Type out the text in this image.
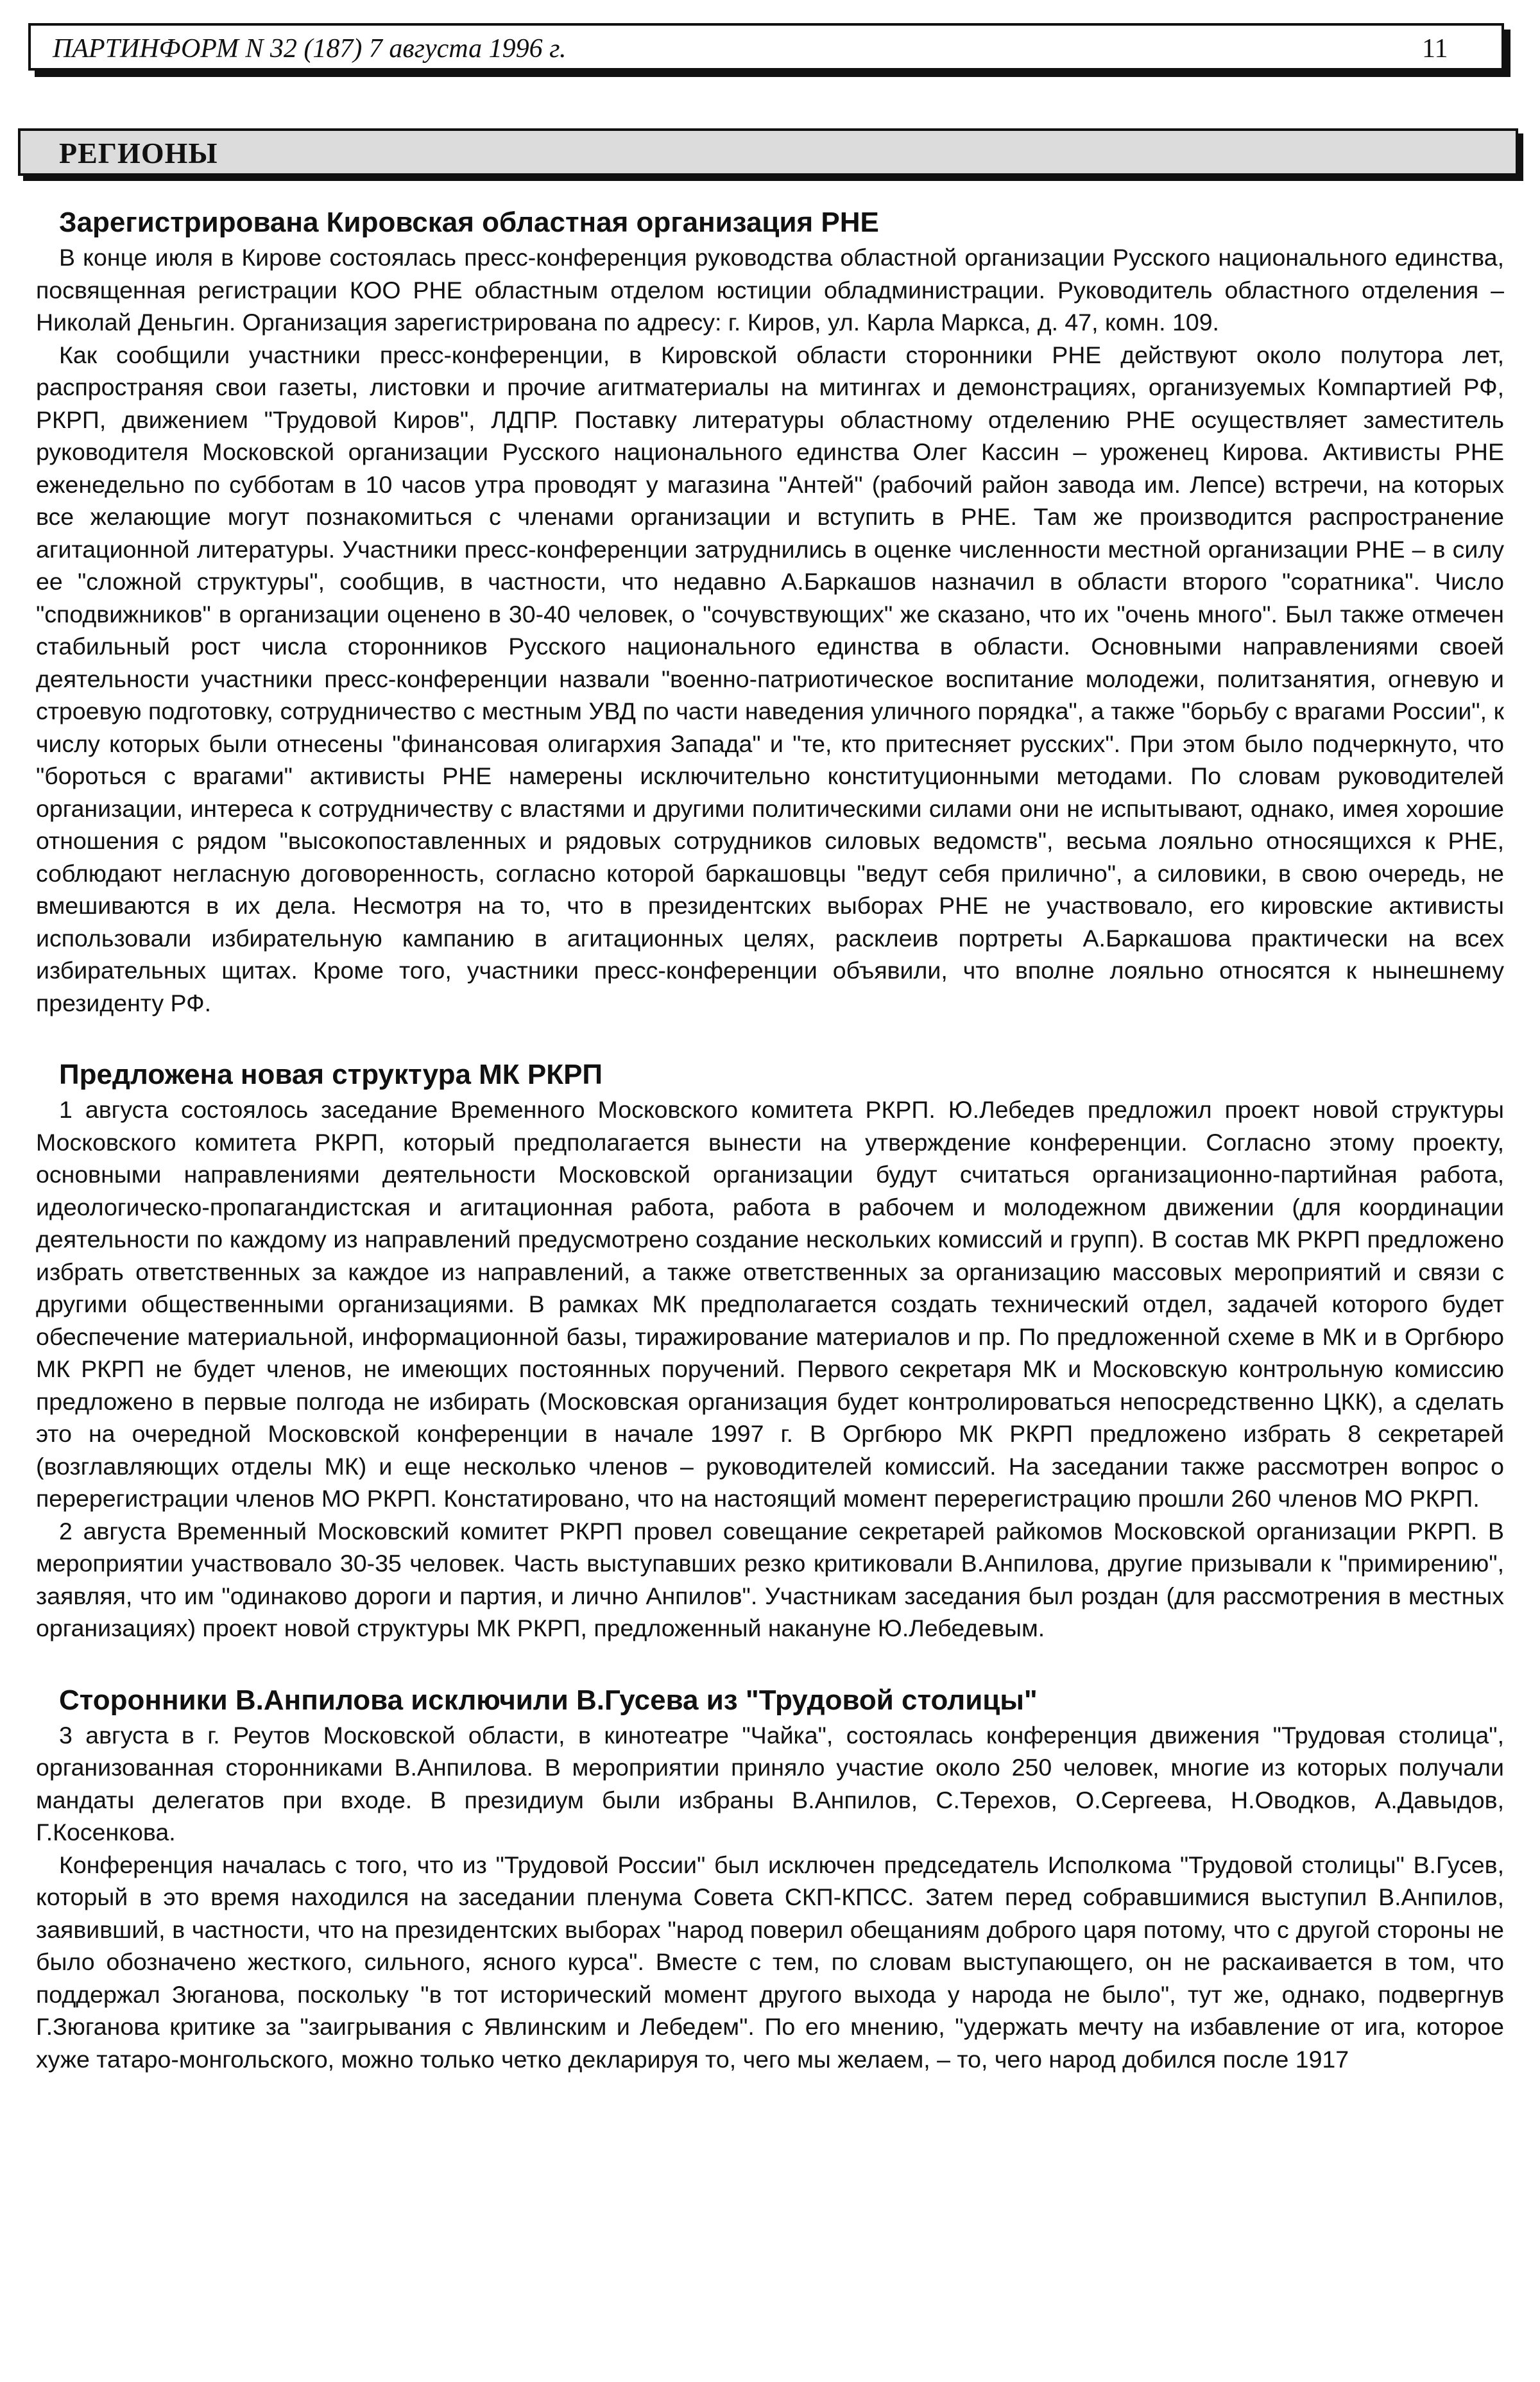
ПАРТИНФОРМ N 32 (187) 7 августа 1996 г.	11
РЕГИОНЫ
Зарегистрирована Кировская областная организация РНЕ

В конце июля в Кирове состоялась пресс-конференция руководства областной организации Русского национального единства, посвященная регистрации КОО РНЕ областным отделом юстиции обладминистрации. Руководитель областного отделения – Николай Деньгин. Организация зарегистрирована по адресу: г. Киров, ул. Карла Маркса, д. 47, комн. 109.

Как сообщили участники пресс-конференции, в Кировской области сторонники РНЕ действуют около полутора лет, распространяя свои газеты, листовки и прочие агитматериалы на митингах и демонстрациях, организуемых Компартией РФ, РКРП, движением "Трудовой Киров", ЛДПР. Поставку литературы областному отделению РНЕ осуществляет заместитель руководителя Московской организации Русского национального единства Олег Кассин – уроженец Кирова. Активисты РНЕ еженедельно по субботам в 10 часов утра проводят у магазина "Антей" (рабочий район завода им. Лепсе) встречи, на которых все желающие могут познакомиться с членами организации и вступить в РНЕ. Там же производится распространение агитационной литературы. Участники пресс-конференции затруднились в оценке численности местной организации РНЕ – в силу ее "сложной структуры", сообщив, в частности, что недавно А.Баркашов назначил в области второго "соратника". Число "сподвижников" в организации оценено в 30-40 человек, о "сочувствующих" же сказано, что их "очень много". Был также отмечен стабильный рост числа сторонников Русского национального единства в области. Основными направлениями своей деятельности участники пресс-конференции назвали "военно-патриотическое воспитание молодежи, политзанятия, огневую и строевую подготовку, сотрудничество с местным УВД по части наведения уличного порядка", а также "борьбу с врагами России", к числу которых были отнесены "финансовая олигархия Запада" и "те, кто притесняет русских". При этом было подчеркнуто, что "бороться с врагами" активисты РНЕ намерены исключительно конституционными методами. По словам руководителей организации, интереса к сотрудничеству с властями и другими политическими силами они не испытывают, однако, имея хорошие отношения с рядом "высокопоставленных и рядовых сотрудников силовых ведомств", весьма лояльно относящихся к РНЕ, соблюдают негласную договоренность, согласно которой баркашовцы "ведут себя прилично", а силовики, в свою очередь, не вмешиваются в их дела. Несмотря на то, что в президентских выборах РНЕ не участвовало, его кировские активисты использовали избирательную кампанию в агитационных целях, расклеив портреты А.Баркашова практически на всех избирательных щитах. Кроме того, участники пресс-конференции объявили, что вполне лояльно относятся к нынешнему президенту РФ.

Предложена новая структура МК РКРП

1 августа состоялось заседание Временного Московского комитета РКРП. Ю.Лебедев предложил проект новой структуры Московского комитета РКРП, который предполагается вынести на утверждение конференции. Согласно этому проекту, основными направлениями деятельности Московской организации будут считаться организационно-партийная работа, идеологическо-пропагандистская и агитационная работа, работа в рабочем и молодежном движении (для координации деятельности по каждому из направлений предусмотрено создание нескольких комиссий и групп). В состав МК РКРП предложено избрать ответственных за каждое из направлений, а также ответственных за организацию массовых мероприятий и связи с другими общественными организациями. В рамках МК предполагается создать технический отдел, задачей которого будет обеспечение материальной, информационной базы, тиражирование материалов и пр. По предложенной схеме в МК и в Оргбюро МК РКРП не будет членов, не имеющих постоянных поручений. Первого секретаря МК и Московскую контрольную комиссию предложено в первые полгода не избирать (Московская организация будет контролироваться непосредственно ЦКК), а сделать это на очередной Московской конференции в начале 1997 г. В Оргбюро МК РКРП предложено избрать 8 секретарей (возглавляющих отделы МК) и еще несколько членов – руководителей комиссий. На заседании также рассмотрен вопрос о перерегистрации членов МО РКРП. Констатировано, что на настоящий момент перерегистрацию прошли 260 членов МО РКРП.

2 августа Временный Московский комитет РКРП провел совещание секретарей райкомов Московской организации РКРП. В мероприятии участвовало 30-35 человек. Часть выступавших резко критиковали В.Анпилова, другие призывали к "примирению", заявляя, что им "одинаково дороги и партия, и лично Анпилов". Участникам заседания был роздан (для рассмотрения в местных организациях) проект новой структуры МК РКРП, предложенный накануне Ю.Лебедевым.

Сторонники В.Анпилова исключили В.Гусева из "Трудовой столицы"

3 августа в г. Реутов Московской области, в кинотеатре "Чайка", состоялась конференция движения "Трудовая столица", организованная сторонниками В.Анпилова. В мероприятии приняло участие около 250 человек, многие из которых получали мандаты делегатов при входе. В президиум были избраны В.Анпилов, С.Терехов, О.Сергеева, Н.Оводков, А.Давыдов, Г.Косенкова.

Конференция началась с того, что из "Трудовой России" был исключен председатель Исполкома "Трудовой столицы" В.Гусев, который в это время находился на заседании пленума Совета СКП-КПСС. Затем перед собравшимися выступил В.Анпилов, заявивший, в частности, что на президентских выборах "народ поверил обещаниям доброго царя потому, что с другой стороны не было обозначено жесткого, сильного, ясного курса". Вместе с тем, по словам выступающего, он не раскаивается в том, что поддержал Зюганова, поскольку "в тот исторический момент другого выхода у народа не было", тут же, однако, подвергнув Г.Зюганова критике за "заигрывания с Явлинским и Лебедем". По его мнению, "удержать мечту на избавление от ига, которое хуже татаро-монгольского, можно только четко декларируя то, чего мы желаем, – то, чего народ добился после 1917
